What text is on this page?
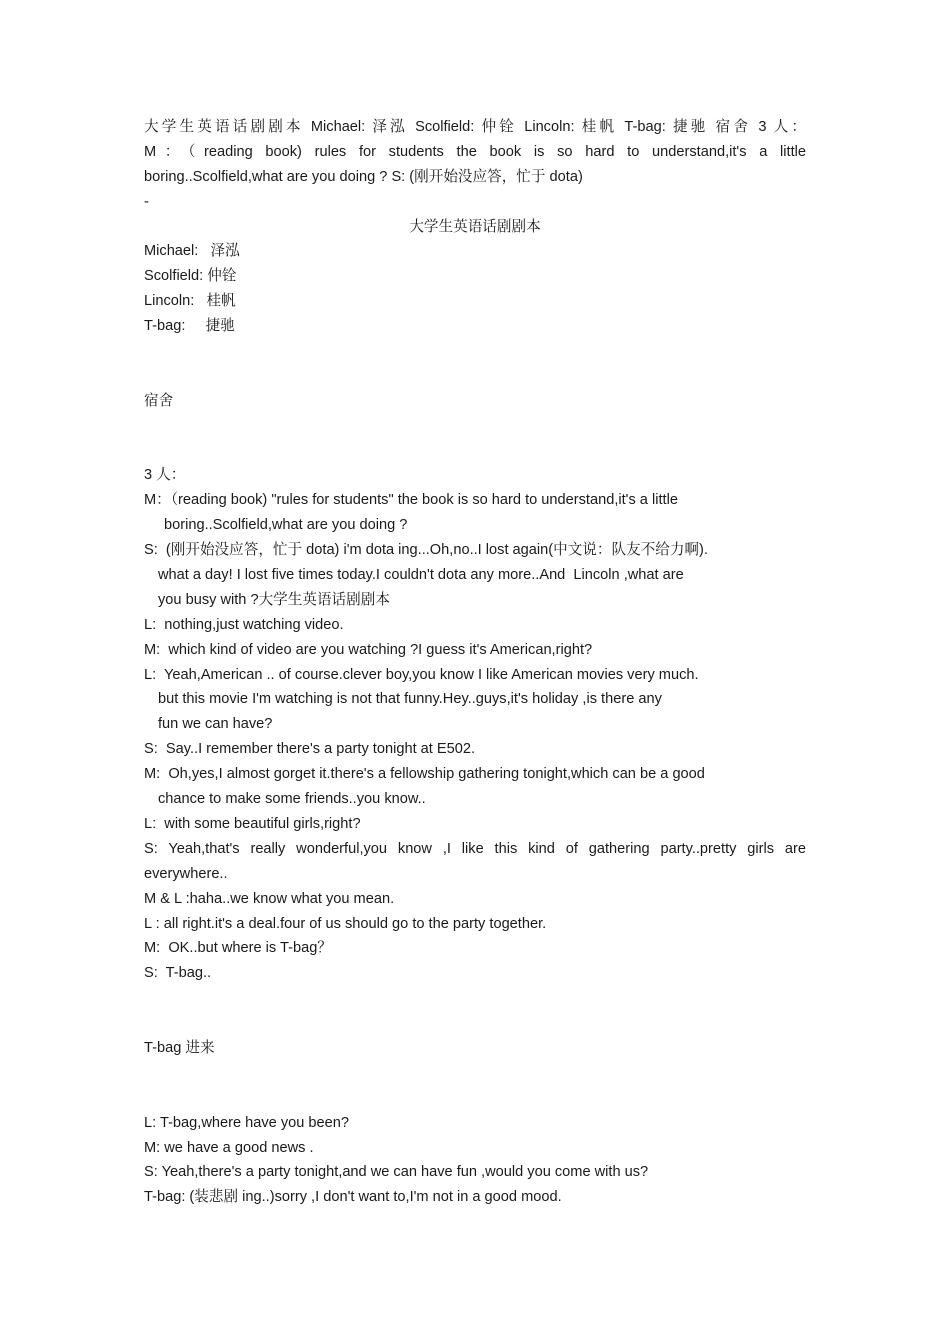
大学生英语话剧剧本 Michael: 泽泓 Scolfield: 仲铨 Lincoln: 桂帆 T-bag: 捷驰 宿舍 3 人：
M：（reading book) rules for students the book is so hard to understand,it's a little
boring..Scolfield,what are you doing ? S: (刚开始没应答，忙于 dota)
-
大学生英语话剧剧本
Michael:   泽泓
Scolfield: 仲铨
Lincoln:   桂帆
T-bag:     捷驰
宿舍
3 人：
M：（reading book) "rules for students" the book is so hard to understand,it's a little
boring..Scolfield,what are you doing ?
S:  (刚开始没应答，忙于 dota) i'm dota ing...Oh,no..I lost again(中文说：队友不给力啊).
what a day! I lost five times today.I couldn't dota any more..And  Lincoln ,what are
you busy with ?大学生英语话剧剧本
L:  nothing,just watching video.
M:  which kind of video are you watching ?I guess it's American,right?
L:  Yeah,American .. of course.clever boy,you know I like American movies very much.
but this movie I'm watching is not that funny.Hey..guys,it's holiday ,is there any
fun we can have?
S:  Say..I remember there's a party tonight at E502.
M:  Oh,yes,I almost gorget it.there's a fellowship gathering tonight,which can be a good
chance to make some friends..you know..
L:  with some beautiful girls,right?
S: Yeah,that's really wonderful,you know ,I like this kind of gathering party..pretty girls are
everywhere..
M & L :haha..we know what you mean.
L : all right.it's a deal.four of us should go to the party together.
M:  OK..but where is T-bag？
S:  T-bag..
T-bag 进来
L: T-bag,where have you been?
M: we have a good news .
S: Yeah,there's a party tonight,and we can have fun ,would you come with us?
T-bag: (装悲剧 ing..)sorry ,I don't want to,I'm not in a good mood.
